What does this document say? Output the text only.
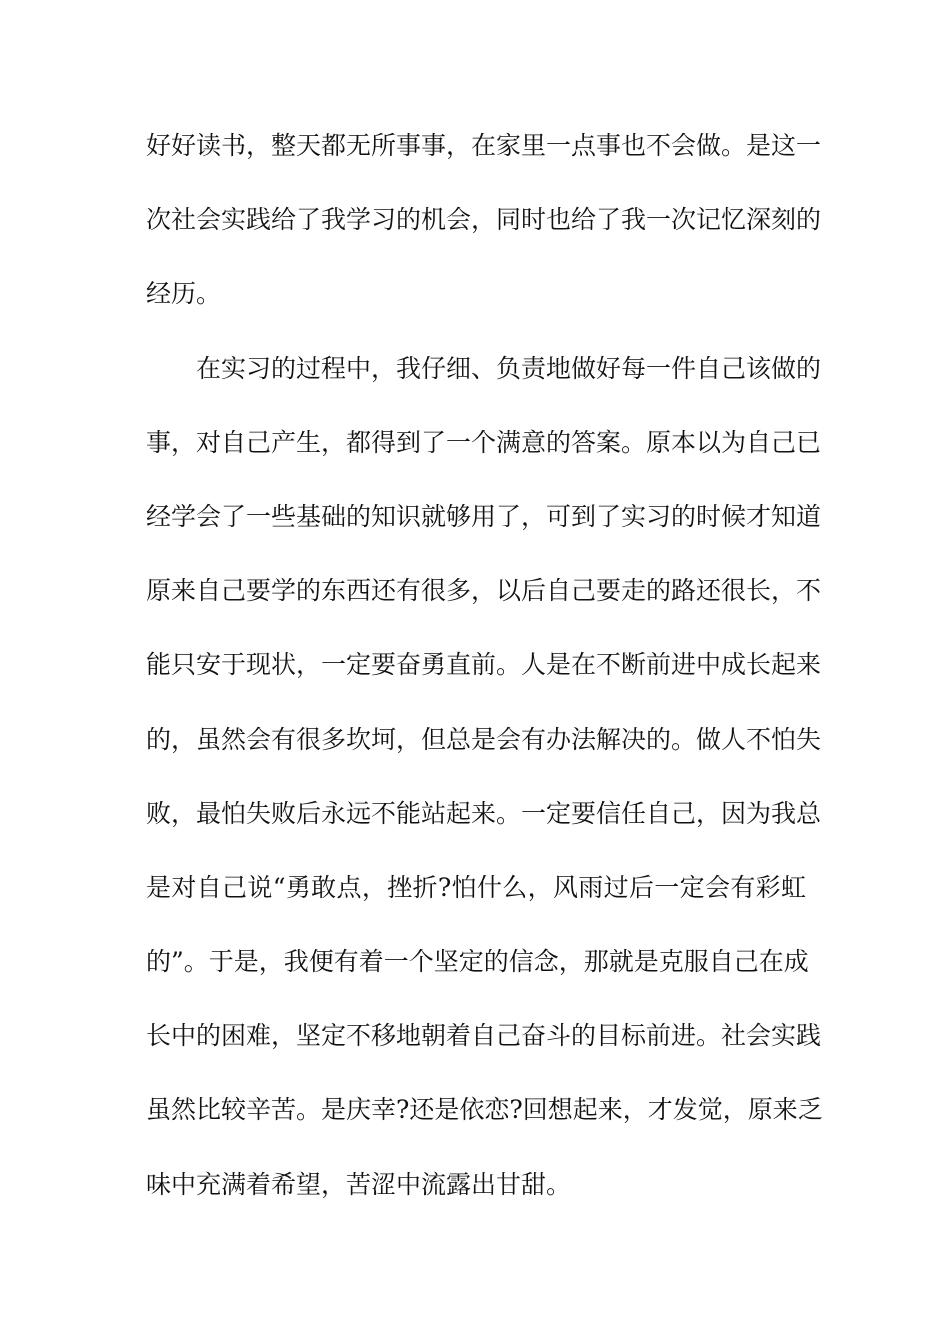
好好读书，整天都无所事事，在家里一点事也不会做。是这一
次社会实践给了我学习的机会，同时也给了我一次记忆深刻的
经历。
在实习的过程中，我仔细、负责地做好每一件自己该做的
事，对自己产生，都得到了一个满意的答案。原本以为自己已
经学会了一些基础的知识就够用了，可到了实习的时候才知道
原来自己要学的东西还有很多，以后自己要走的路还很长，不
能只安于现状，一定要奋勇直前。人是在不断前进中成长起来
的，虽然会有很多坎坷，但总是会有办法解决的。做人不怕失
败，最怕失败后永远不能站起来。一定要信任自己，因为我总
是对自己说“勇敢点，挫折?怕什么，风雨过后一定会有彩虹
的”。于是，我便有着一个坚定的信念，那就是克服自己在成
长中的困难，坚定不移地朝着自己奋斗的目标前进。社会实践
虽然比较辛苦。是庆幸?还是依恋?回想起来，才发觉，原来乏
味中充满着希望，苦涩中流露出甘甜。
